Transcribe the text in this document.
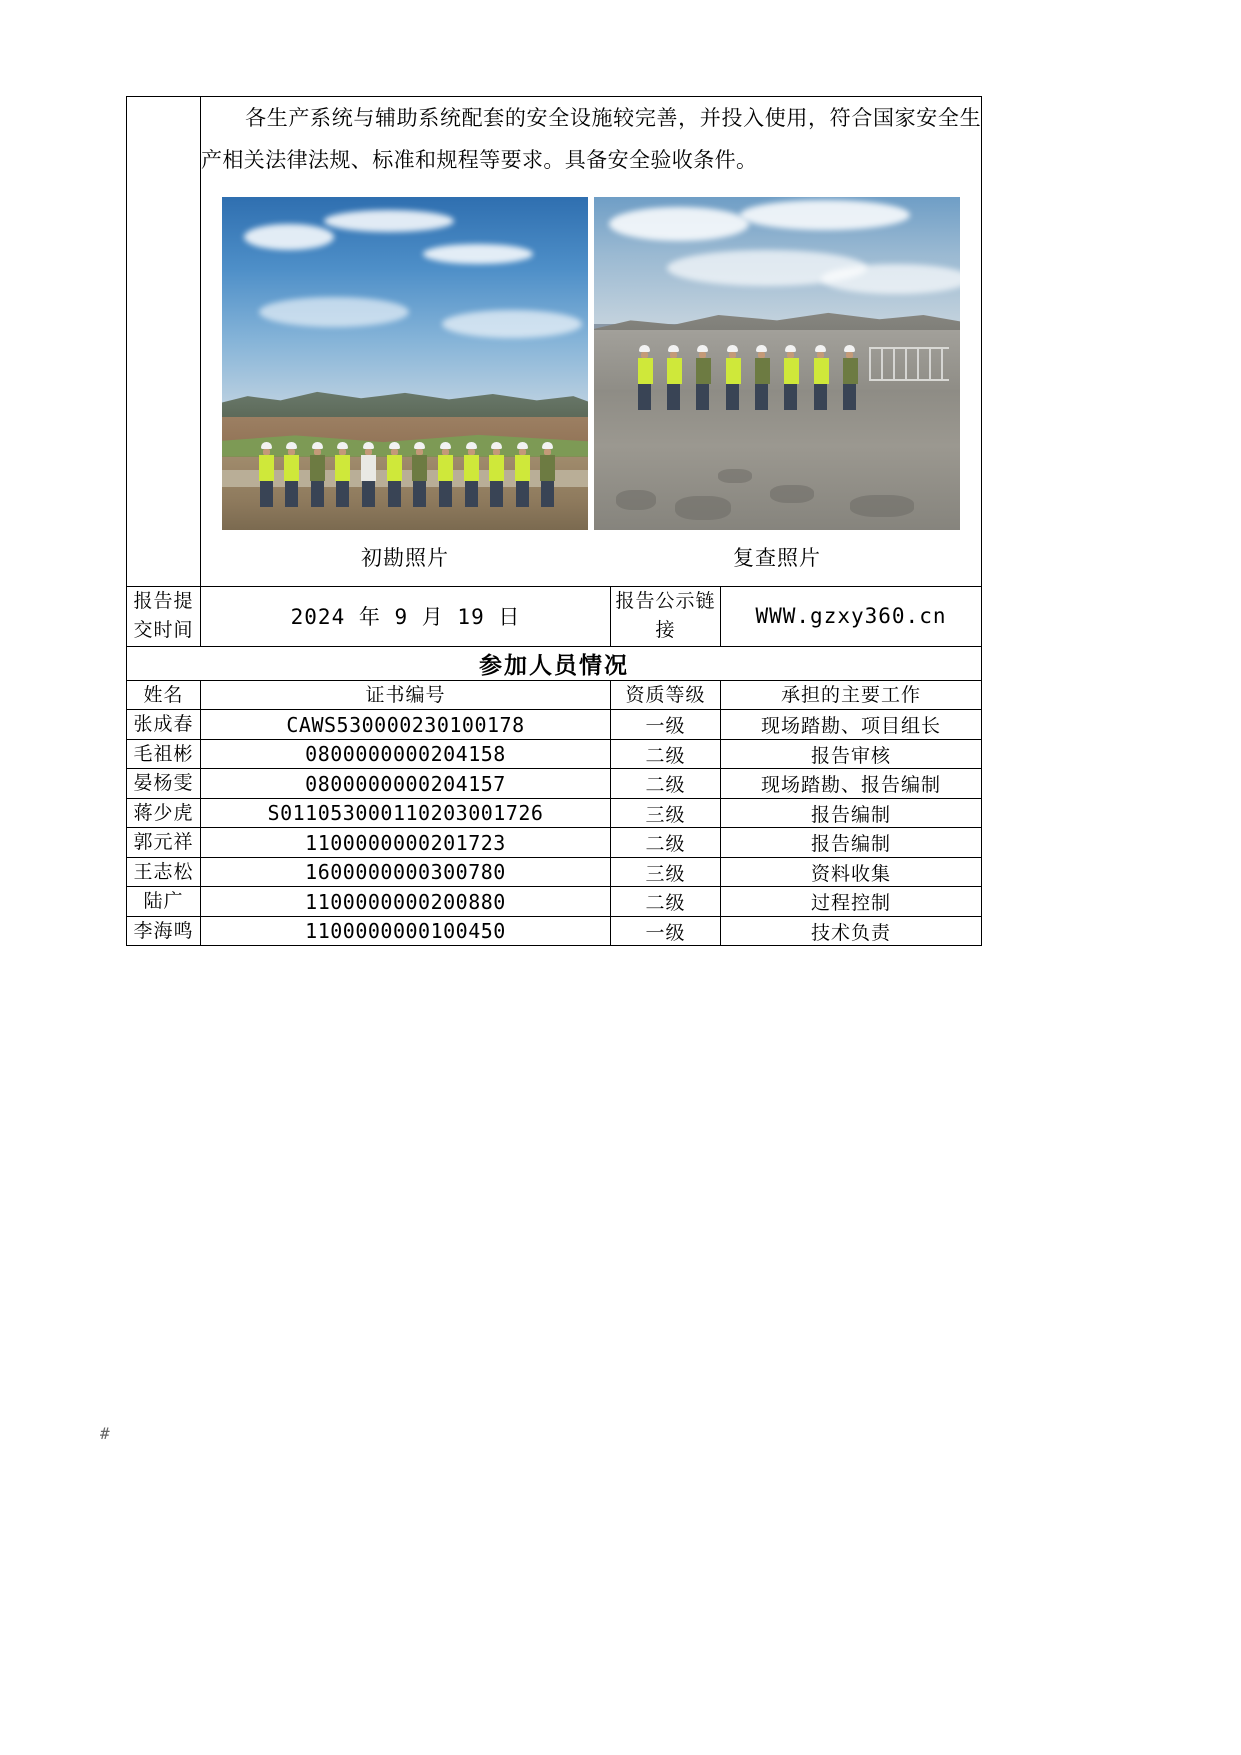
	各生产系统与辅助系统配套的安全设施较完善，并投入使用，符合国家安全生产相关法律法规、标准和规程等要求。具备安全验收条件。

初勘照片 复查照片		

报告提交时间	2024 年 9 月 19 日	报告公示链接	WWW.gzxy360.cn
参加人员情况			
姓名	证书编号	资质等级	承担的主要工作
张成春	CAWS530000230100178	一级	现场踏勘、项目组长
毛祖彬	0800000000204158	二级	报告审核
晏杨雯	0800000000204157	二级	现场踏勘、报告编制
蒋少虎	S011053000110203001726	三级	报告编制
郭元祥	1100000000201723	二级	报告编制
王志松	1600000000300780	三级	资料收集
陆广	1100000000200880	二级	过程控制
李海鸣	1100000000100450	一级	技术负责
#
